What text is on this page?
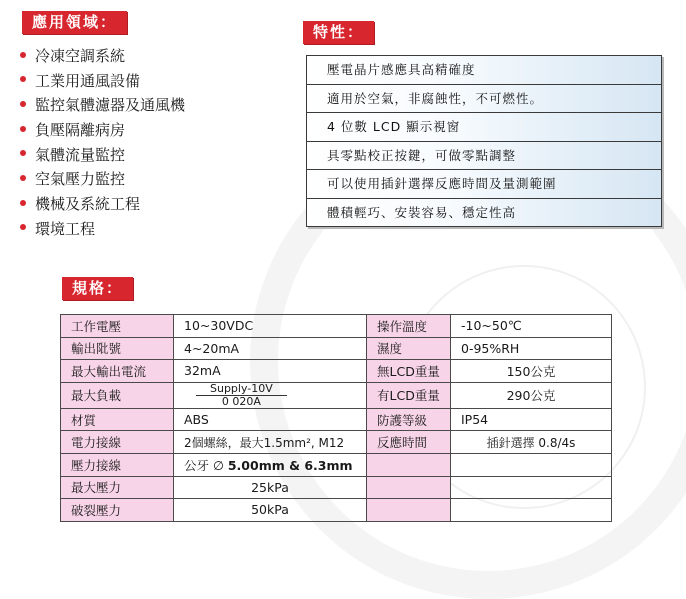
應用領域：
冷凍空調系統
工業用通風設備
監控氣體濾器及通風機
負壓隔離病房
氣體流量監控
空氣壓力監控
機械及系統工程
環境工程
特性：
壓電晶片感應具高精確度
適用於空氣，非腐蝕性，不可燃性。
4 位數 LCD 顯示視窗
具零點校正按鍵，可做零點調整
可以使用插針選擇反應時間及量測範圍
體積輕巧、安裝容易、穩定性高
規格：
工作電壓	10~30VDC	操作溫度	-10~50℃
輸出阰號	4~20mA	濕度	0-95%RH
最大輸出電流	32mA	無LCD重量	150公克
最大負載	$\frac{\text{Supply-10V}}{0 020A}$	有LCD重量	290公克
材質	ABS	防護等級	IP54
電力接線	2個螺絲，最大1.5mm², M12	反應時間	插針選擇 0.8/4s
壓力接線	公牙 ∅ 5.00mm & 6.3mm		
最大壓力	25kPa		
破裂壓力	50kPa		
